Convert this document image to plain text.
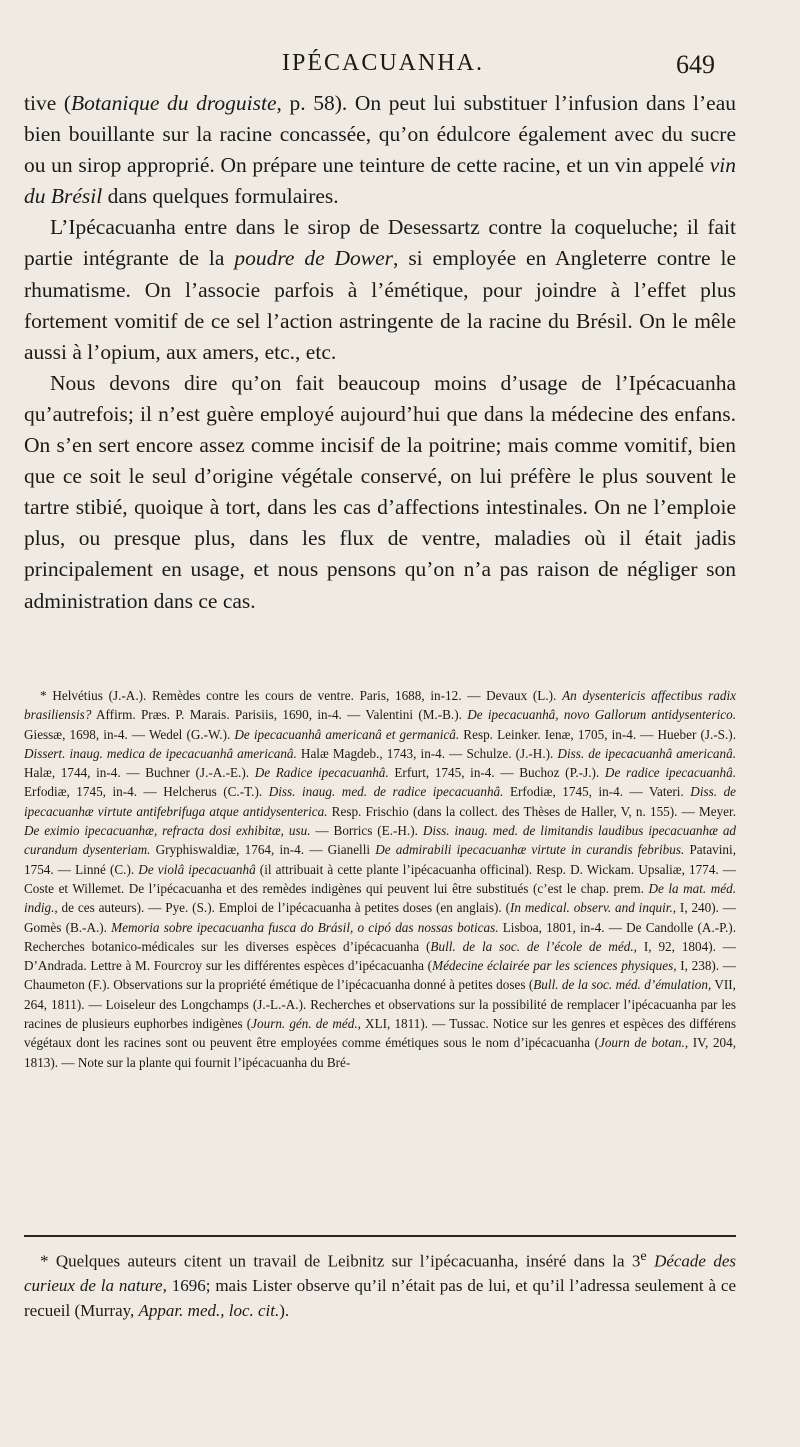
IPÉCACUANHA.	649

tive (Botanique du droguiste, p. 58). On peut lui substituer l’infusion dans l’eau bien bouillante sur la racine concassée, qu’on édulcore également avec du sucre ou un sirop approprié. On prépare une teinture de cette racine, et un vin appelé vin du Brésil dans quelques formulaires.

L’Ipécacuanha entre dans le sirop de Desessartz contre la coqueluche; il fait partie intégrante de la poudre de Dower, si employée en Angleterre contre le rhumatisme. On l’associe parfois à l’émétique, pour joindre à l’effet plus fortement vomitif de ce sel l’action astringente de la racine du Brésil. On le mêle aussi à l’opium, aux amers, etc., etc.

Nous devons dire qu’on fait beaucoup moins d’usage de l’Ipécacuanha qu’autrefois; il n’est guère employé aujourd’hui que dans la médecine des enfans. On s’en sert encore assez comme incisif de la poitrine; mais comme vomitif, bien que ce soit le seul d’origine végétale conservé, on lui préfère le plus souvent le tartre stibié, quoique à tort, dans les cas d’affections intestinales. On ne l’emploie plus, ou presque plus, dans les flux de ventre, maladies où il était jadis principalement en usage, et nous pensons qu’on n’a pas raison de négliger son administration dans ce cas.

* Helvétius (J.-A.). Remèdes contre les cours de ventre. Paris, 1688, in-12. — Devaux (L.). An dysentericis affectibus radix brasiliensis? Affirm. Præs. P. Marais. Parisiis, 1690, in-4. — Valentini (M.-B.). De ipecacuanhâ, novo Gallorum antidysenterico. Giessæ, 1698, in-4. — Wedel (G.-W.). De ipecacuanhâ americanâ et germanicâ. Resp. Leinker. Ienæ, 1705, in-4. — Hueber (J.-S.). Dissert. inaug. medica de ipecacuanhâ americanâ. Halæ Magdeb., 1743, in-4. — Schulze. (J.-H.). Diss. de ipecacuanhâ americanâ. Halæ, 1744, in-4. — Buchner (J.-A.-E.). De Radice ipecacuanhâ. Erfurt, 1745, in-4. — Buchoz (P.-J.). De radice ipecacuanhâ. Erfodiæ, 1745, in-4. — Helcherus (C.-T.). Diss. inaug. med. de radice ipecacuanhâ. Erfodiæ, 1745, in-4. — Vateri. Diss. de ipecacuanhæ virtute antifebrifuga atque antidysenterica. Resp. Frischio (dans la collect. des Thèses de Haller, V, n. 155). — Meyer. De eximio ipecacuanhæ, refracta dosi exhibitæ, usu. — Borrics (E.-H.). Diss. inaug. med. de limitandis laudibus ipecacuanhæ ad curandum dysenteriam. Gryphiswaldiæ, 1764, in-4. — Gianelli De admirabili ipecacuanhæ virtute in curandis febribus. Patavini, 1754. — Linné (C.). De violâ ipecacuanhâ (il attribuait à cette plante l’ipécacuanha officinal). Resp. D. Wickam. Upsaliæ, 1774. — Coste et Willemet. De l’ipécacuanha et des remèdes indigènes qui peuvent lui être substitués (c’est le chap. prem. De la mat. méd. indig., de ces auteurs). — Pye. (S.). Emploi de l’ipécacuanha à petites doses (en anglais). (In medical. observ. and inquir., I, 240). — Gomès (B.-A.). Memoria sobre ipecacuanha fusca do Brásil, o cipó das nossas boticas. Lisboa, 1801, in-4. — De Candolle (A.-P.). Recherches botanico-médicales sur les diverses espèces d’ipécacuanha (Bull. de la soc. de l’école de méd., I, 92, 1804). — D’Andrada. Lettre à M. Fourcroy sur les différentes espèces d’ipécacuanha (Médecine éclairée par les sciences physiques, I, 238). — Chaumeton (F.). Observations sur la propriété émétique de l’ipécacuanha donné à petites doses (Bull. de la soc. méd. d’émulation, VII, 264, 1811). — Loiseleur des Longchamps (J.-L.-A.). Recherches et observations sur la possibilité de remplacer l’ipécacuanha par les racines de plusieurs euphorbes indigènes (Journ. gén. de méd., XLI, 1811). — Tussac. Notice sur les genres et espèces des différens végétaux dont les racines sont ou peuvent être employées comme émétiques sous le nom d’ipécacuanha (Journ de botan., IV, 204, 1813). — Note sur la plante qui fournit l’ipécacuanha du Bré-

* Quelques auteurs citent un travail de Leibnitz sur l’ipécacuanha, inséré dans la 3e Décade des curieux de la nature, 1696; mais Lister observe qu’il n’était pas de lui, et qu’il l’adressa seulement à ce recueil (Murray, Appar. med., loc. cit.).
